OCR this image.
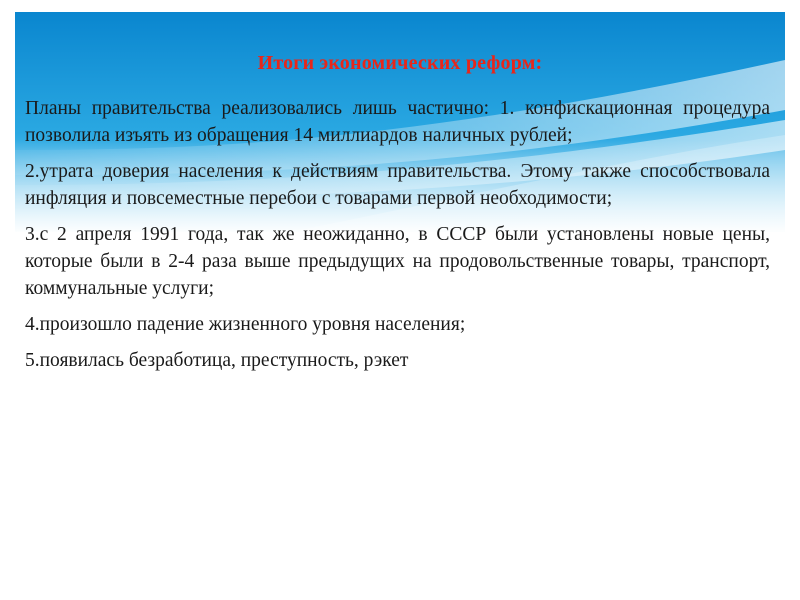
Итоги экономических реформ:

Планы правительства реализовались лишь частично: 1. конфискационная процедура позволила изъять из обращения 14 миллиардов наличных рублей;

2.утрата доверия населения к действиям правительства. Этому также способствовала инфляция и повсеместные перебои с товарами первой необходимости;

3.с 2 апреля 1991 года, так же неожиданно, в СССР были установлены новые цены, которые были в 2-4 раза выше предыдущих на продовольственные товары, транспорт, коммунальные услуги;

4.произошло падение жизненного уровня населения;

5.появилась безработица, преступность, рэкет
